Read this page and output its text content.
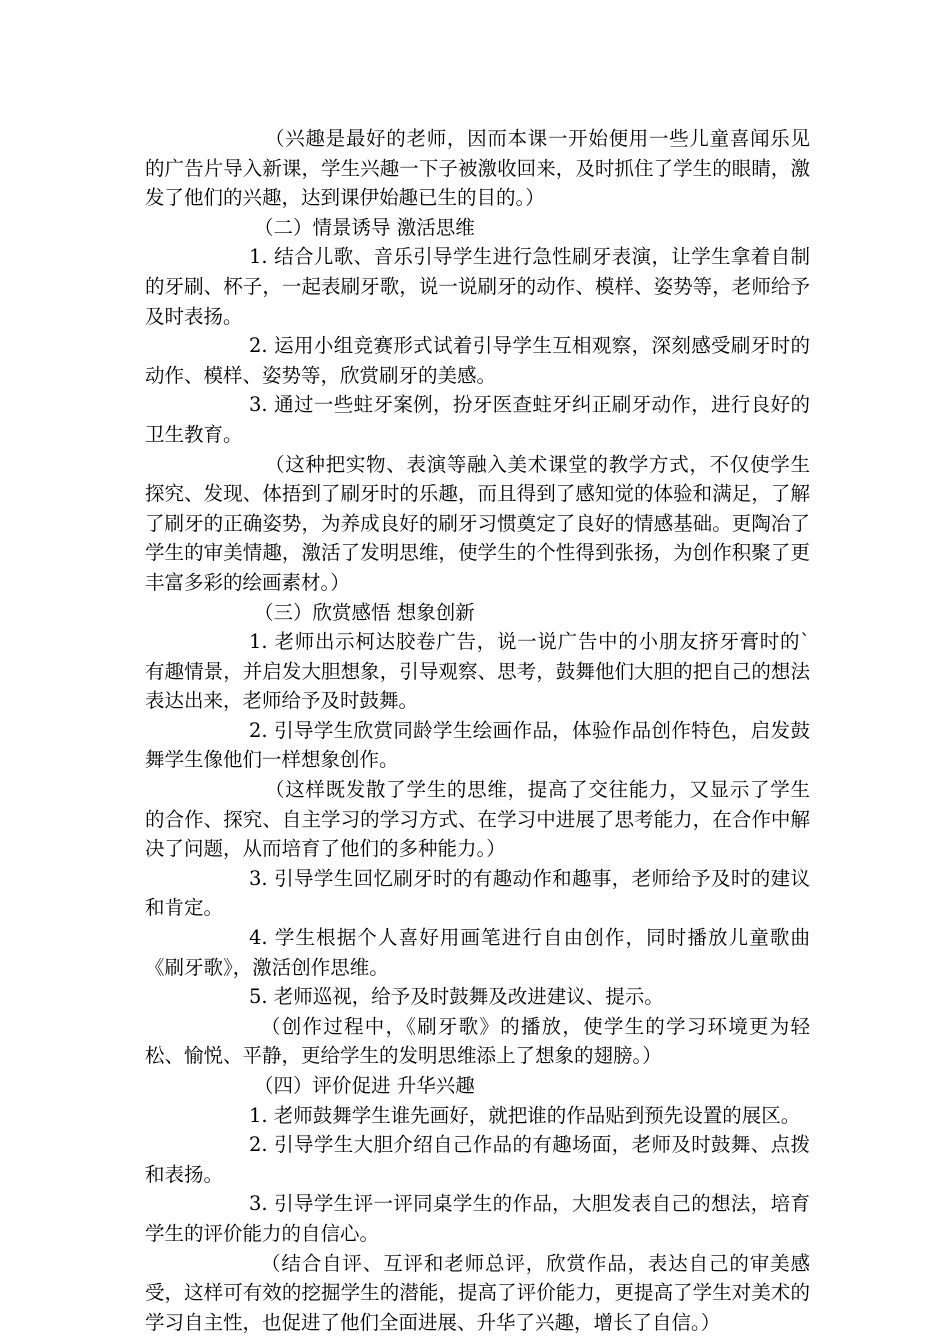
（兴趣是最好的老师，因而本课一开始便用一些儿童喜闻乐见的广告片导入新课，学生兴趣一下子被激收回来，及时抓住了学生的眼睛，激发了他们的兴趣，达到课伊始趣已生的目的。）

（二）情景诱导 激活思维

1. 结合儿歌、音乐引导学生进行急性刷牙表演，让学生拿着自制的牙刷、杯子，一起表刷牙歌，说一说刷牙的动作、模样、姿势等，老师给予及时表扬。

2. 运用小组竞赛形式试着引导学生互相观察，深刻感受刷牙时的动作、模样、姿势等，欣赏刷牙的美感。

3. 通过一些蛀牙案例，扮牙医查蛀牙纠正刷牙动作，进行良好的卫生教育。

（这种把实物、表演等融入美术课堂的教学方式，不仅使学生探究、发现、体捂到了刷牙时的乐趣，而且得到了感知觉的体验和满足，了解了刷牙的正确姿势，为养成良好的刷牙习惯奠定了良好的情感基础。更陶冶了学生的审美情趣，激活了发明思维，使学生的个性得到张扬，为创作积聚了更丰富多彩的绘画素材。）

（三）欣赏感悟 想象创新

1. 老师出示柯达胶卷广告，说一说广告中的小朋友挤牙膏时的`有趣情景，并启发大胆想象，引导观察、思考，鼓舞他们大胆的把自己的想法表达出来，老师给予及时鼓舞。

2. 引导学生欣赏同龄学生绘画作品，体验作品创作特色，启发鼓舞学生像他们一样想象创作。

（这样既发散了学生的思维，提高了交往能力，又显示了学生的合作、探究、自主学习的学习方式、在学习中进展了思考能力，在合作中解决了问题，从而培育了他们的多种能力。）

3. 引导学生回忆刷牙时的有趣动作和趣事，老师给予及时的建议和肯定。

4. 学生根据个人喜好用画笔进行自由创作，同时播放儿童歌曲《刷牙歌》，激活创作思维。

5. 老师巡视，给予及时鼓舞及改进建议、提示。

（创作过程中，《刷牙歌》的播放，使学生的学习环境更为轻松、愉悦、平静，更给学生的发明思维添上了想象的翅膀。）

（四）评价促进 升华兴趣

1. 老师鼓舞学生谁先画好，就把谁的作品贴到预先设置的展区。

2. 引导学生大胆介绍自己作品的有趣场面，老师及时鼓舞、点拨和表扬。

3. 引导学生评一评同桌学生的作品，大胆发表自己的想法，培育学生的评价能力的自信心。

（结合自评、互评和老师总评，欣赏作品，表达自己的审美感受，这样可有效的挖掘学生的潜能，提高了评价能力，更提高了学生对美术的学习自主性，也促进了他们全面进展、升华了兴趣，增长了自信。）
